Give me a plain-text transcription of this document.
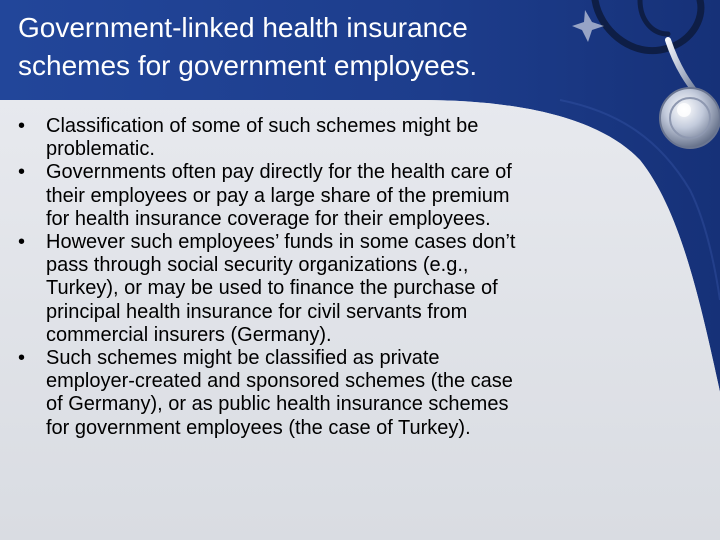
Government-linked health insurance
schemes for government employees.
• Classification of some of such schemes might be
problematic.
• Governments often pay directly for the health care of
their employees or pay a large share of the premium
for health insurance coverage for their employees.
• However such employees’ funds in some cases don’t
pass through social security organizations (e.g.,
Turkey), or may be used to finance the purchase of
principal health insurance for civil servants from
commercial insurers (Germany).
• Such schemes might be classified as private
employer-created and sponsored schemes (the case
of Germany), or as public health insurance schemes
for government employees (the case of Turkey).
